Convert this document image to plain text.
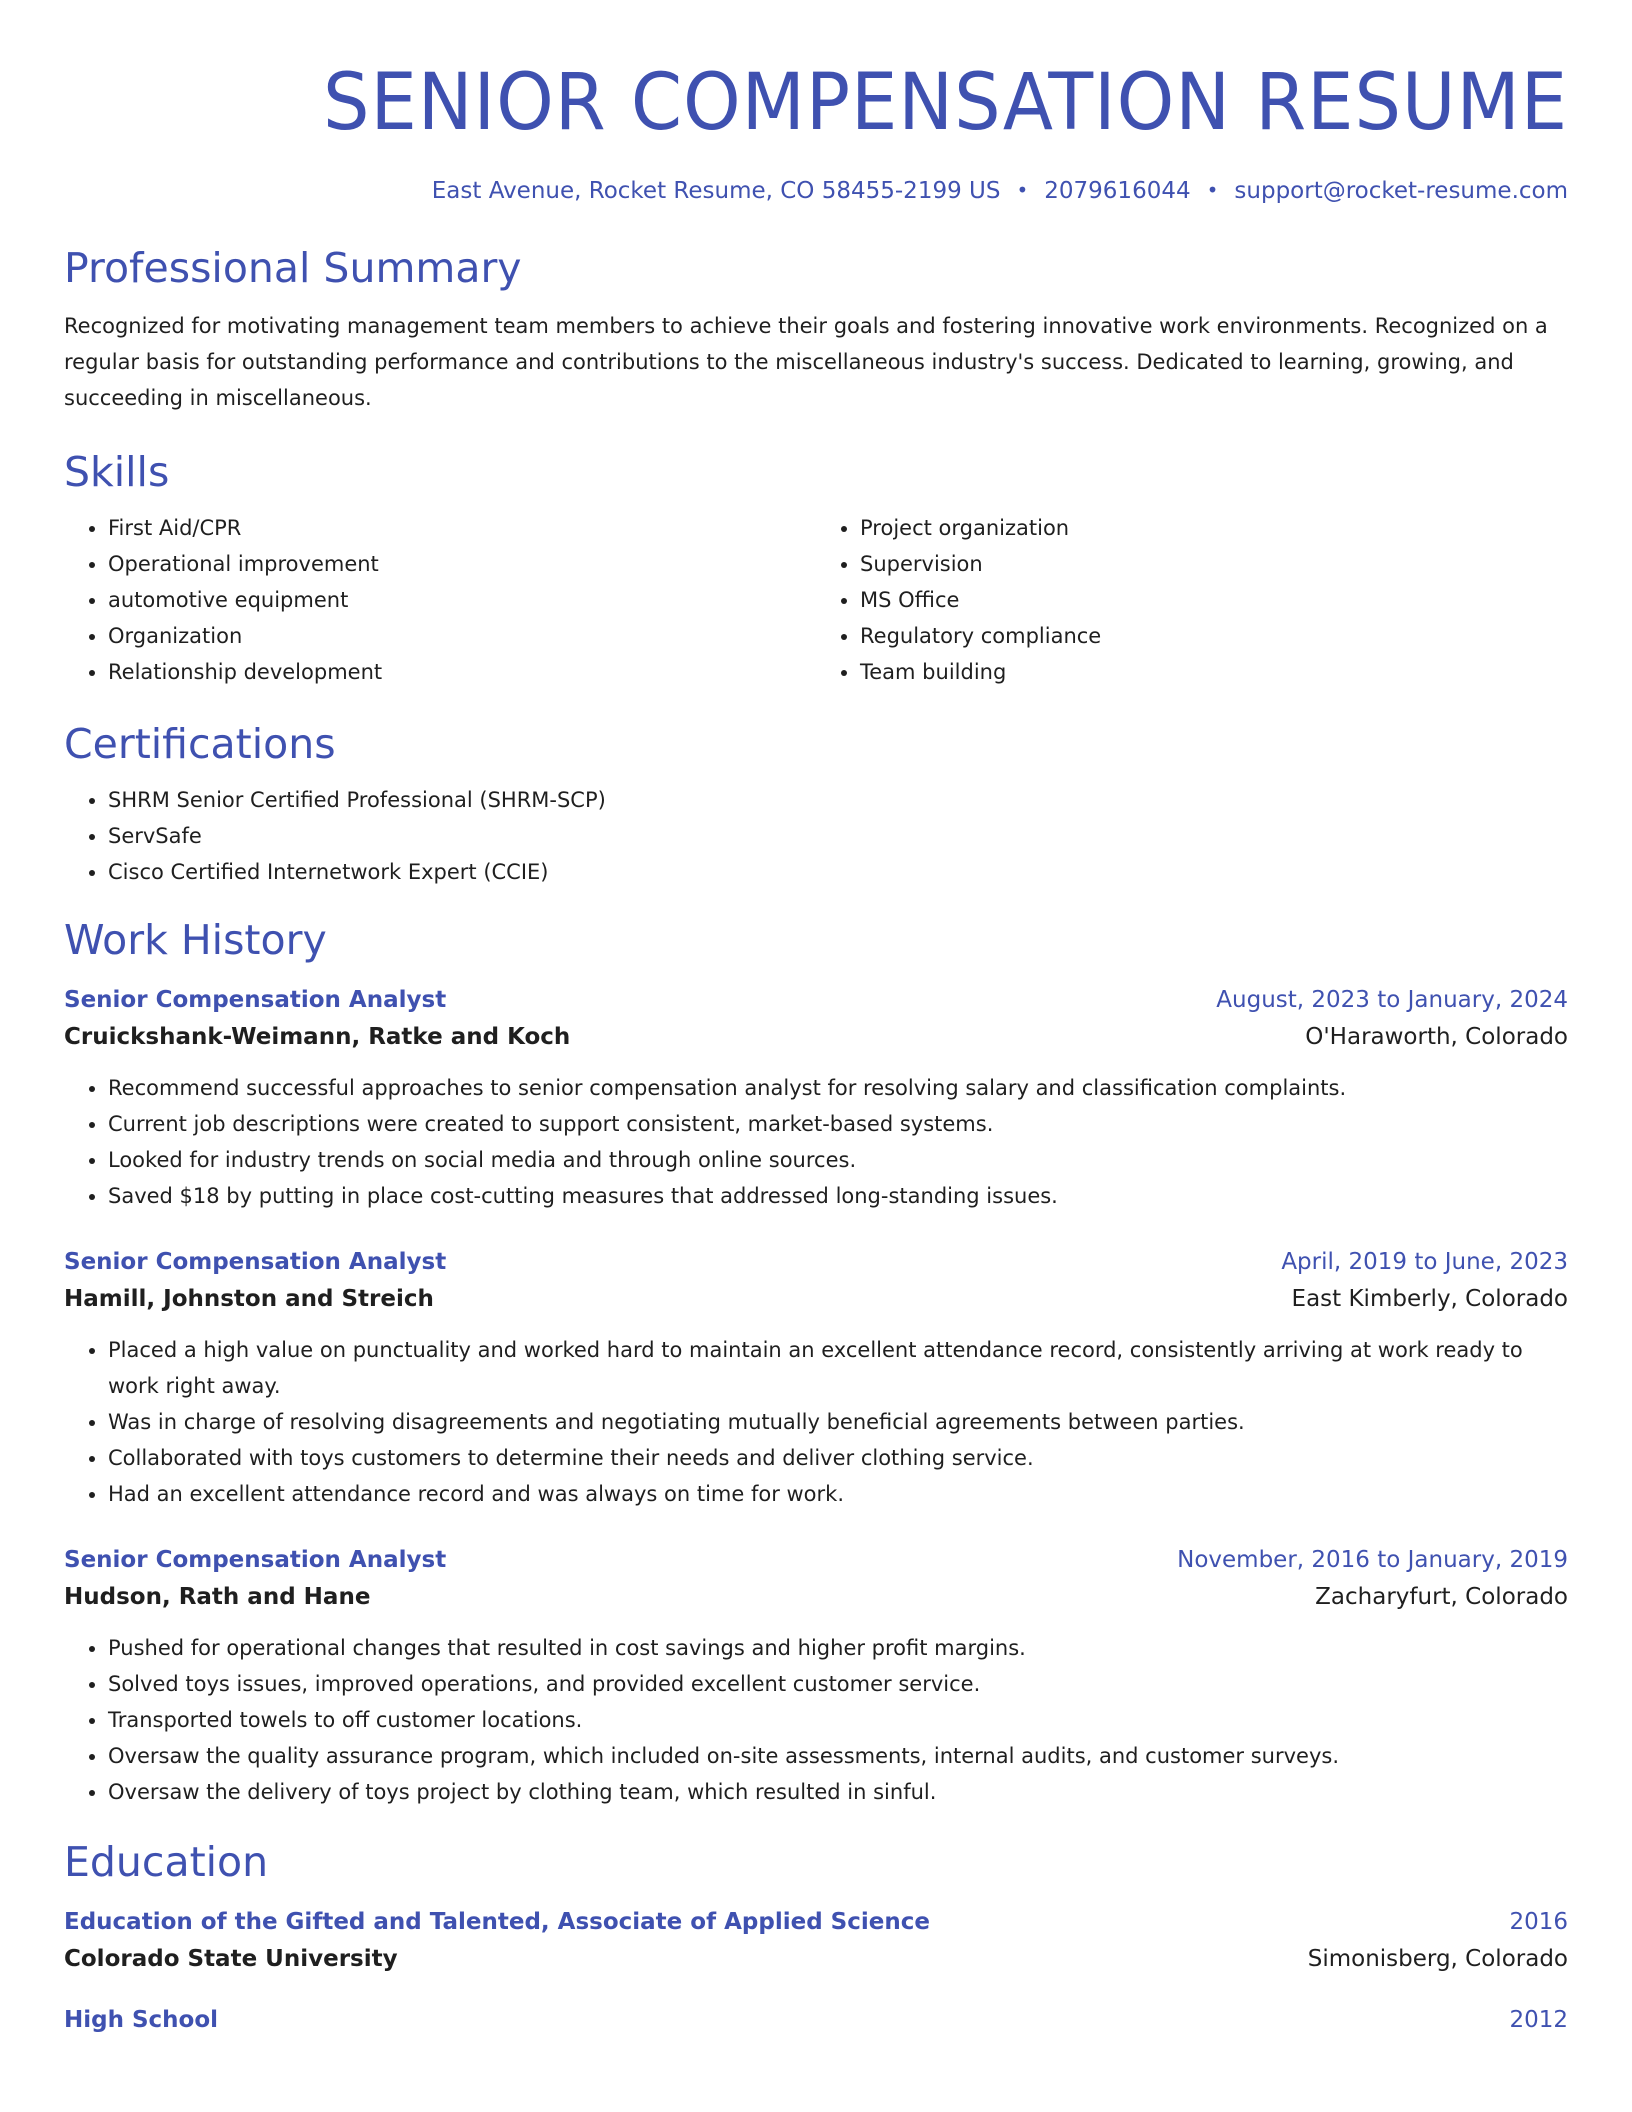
SENIOR COMPENSATION RESUME
East Avenue, Rocket Resume, CO 58455-2199 US • 2079616044 • support@rocket-resume.com
Professional Summary
Recognized for motivating management team members to achieve their goals and fostering innovative work environments. Recognized on a regular basis for outstanding performance and contributions to the miscellaneous industry's success. Dedicated to learning, growing, and succeeding in miscellaneous.
Skills
• First Aid/CPR
• Operational improvement
• automotive equipment
• Organization
• Relationship development
• Project organization
• Supervision
• MS Office
• Regulatory compliance
• Team building
Certifications
• SHRM Senior Certified Professional (SHRM-SCP)
• ServSafe
• Cisco Certified Internetwork Expert (CCIE)
Work History
Senior Compensation Analyst	August, 2023 to January, 2024
Cruickshank-Weimann, Ratke and Koch	O'Haraworth, Colorado
• Recommend successful approaches to senior compensation analyst for resolving salary and classification complaints.
• Current job descriptions were created to support consistent, market-based systems.
• Looked for industry trends on social media and through online sources.
• Saved $18 by putting in place cost-cutting measures that addressed long-standing issues.
Senior Compensation Analyst	April, 2019 to June, 2023
Hamill, Johnston and Streich	East Kimberly, Colorado
• Placed a high value on punctuality and worked hard to maintain an excellent attendance record, consistently arriving at work ready to work right away.
• Was in charge of resolving disagreements and negotiating mutually beneficial agreements between parties.
• Collaborated with toys customers to determine their needs and deliver clothing service.
• Had an excellent attendance record and was always on time for work.
Senior Compensation Analyst	November, 2016 to January, 2019
Hudson, Rath and Hane	Zacharyfurt, Colorado
• Pushed for operational changes that resulted in cost savings and higher profit margins.
• Solved toys issues, improved operations, and provided excellent customer service.
• Transported towels to off customer locations.
• Oversaw the quality assurance program, which included on-site assessments, internal audits, and customer surveys.
• Oversaw the delivery of toys project by clothing team, which resulted in sinful.
Education
Education of the Gifted and Talented, Associate of Applied Science	2016
Colorado State University	Simonisberg, Colorado
High School	2012
